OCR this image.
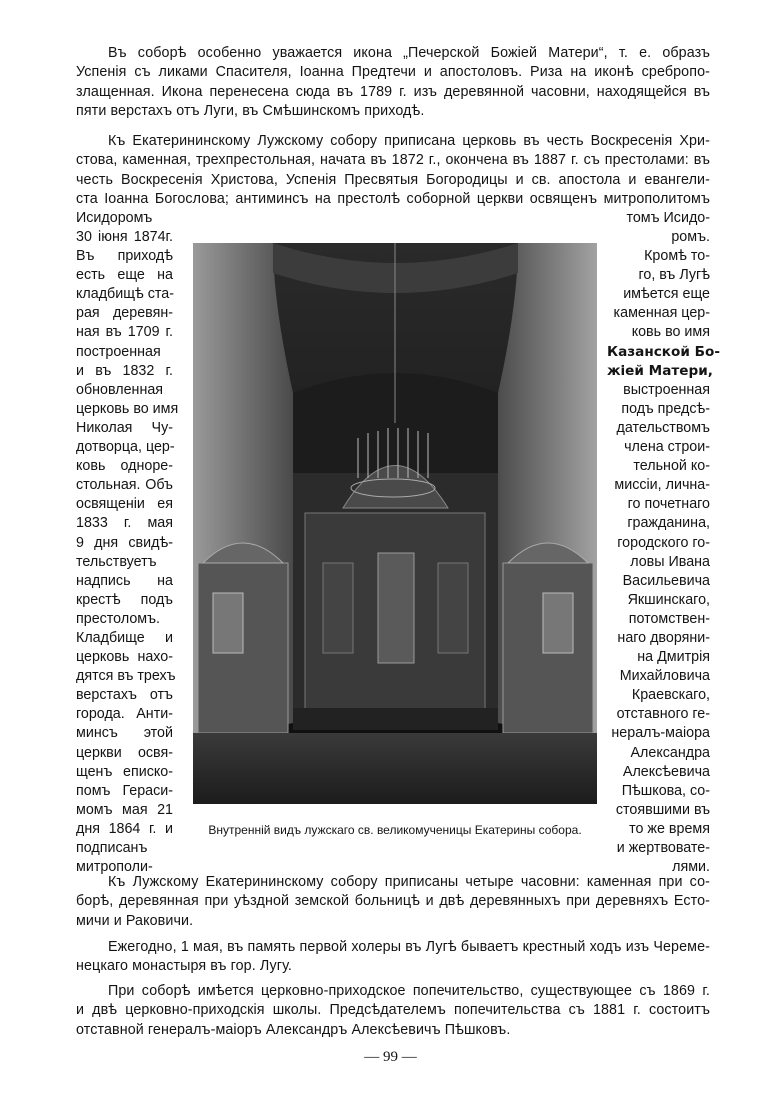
Въ соборѣ особенно уважается икона „Печерской Божіей Матери“, т. е. образъ
Успенія съ ликами Спасителя, Іоанна Предтечи и апостоловъ. Риза на иконѣ сребропо-
злащенная. Икона перенесена сюда въ 1789 г. изъ деревянной часовни, находящейся въ
пяти верстахъ отъ Луги, въ Смѣшинскомъ приходѣ.
Къ Екатерининскому Лужскому собору приписана церковь въ честь Воскресенія Хри-
стова, каменная, трехпрестольная, начата въ 1872 г., окончена въ 1887 г. съ престолами: въ
честь Воскресенія Христова, Успенія Пресвятыя Богородицы и св. апостола и евангели-
ста Іоанна Богослова; антиминсъ на престолѣ соборной церкви освященъ митрополитомъ
Исидоромъ	томъ Исидо-
30 іюня 1874г.
Въ приходѣ
есть еще на
кладбищѣ ста-
рая деревян-
ная въ 1709 г.
построенная
и въ 1832 г.
обновленная
церковь во имя
Николая Чу-
дотворца, цер-
ковь одноре-
стольная. Объ
освященіи ея
1833 г. мая
9 дня свидѣ-
тельствуетъ
надпись на
крестѣ подъ
престоломъ.
Кладбище и
церковь нахо-
дятся въ трехъ
верстахъ отъ
города. Анти-
минсъ этой
церкви освя-
щенъ еписко-
помъ Гераси-
момъ мая 21
дня 1864 г. и
подписанъ
митрополи-
ромъ.
Кромѣ то-
го, въ Лугѣ
имѣется еще
каменная цер-
ковь во имя
Казанской Бо-
жіей Матери,
выстроенная
подъ предсѣ-
дательствомъ
члена строи-
тельной ко-
миссіи, лична-
го почетнаго
гражданина,
городского го-
ловы Ивана
Васильевича
Якшинскаго,
потомствен-
наго дворяни-
на Дмитрія
Михайловича
Краевскаго,
отставного ге-
нералъ-маіора
Александра
Алексѣевича
Пѣшкова, со-
стоявшими въ
то же время
и жертвовате-
лями.
Внутренній видъ лужскаго св. великомученицы Екатерины собора.
Къ Лужскому Екатерининскому собору приписаны четыре часовни: каменная при со-
борѣ, деревянная при уѣздной земской больницѣ и двѣ деревянныхъ при деревняхъ Есто-
мичи и Раковичи.
Ежегодно, 1 мая, въ память первой холеры въ Лугѣ бываетъ крестный ходъ изъ Череме-
нецкаго монастыря въ гор. Лугу.
При соборѣ имѣется церковно-приходское попечительство, существующее съ 1869 г.
и двѣ церковно-приходскія школы. Предсѣдателемъ попечительства съ 1881 г. состоитъ
отставной генералъ-маіоръ Александръ Алексѣевичъ Пѣшковъ.
— 99 —
